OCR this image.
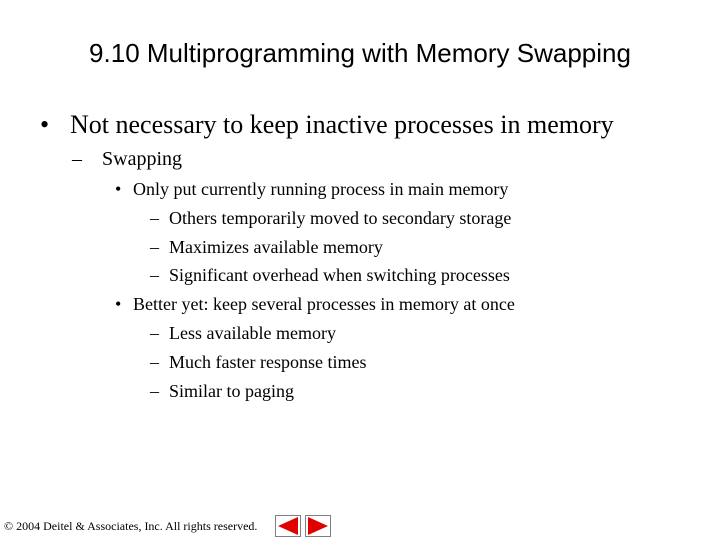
9.10 Multiprogramming with Memory Swapping
• Not necessary to keep inactive processes in memory
– Swapping
• Only put currently running process in main memory
– Others temporarily moved to secondary storage
– Maximizes available memory
– Significant overhead when switching processes
• Better yet: keep several processes in memory at once
– Less available memory
– Much faster response times
– Similar to paging
© 2004 Deitel & Associates, Inc. All rights reserved.
